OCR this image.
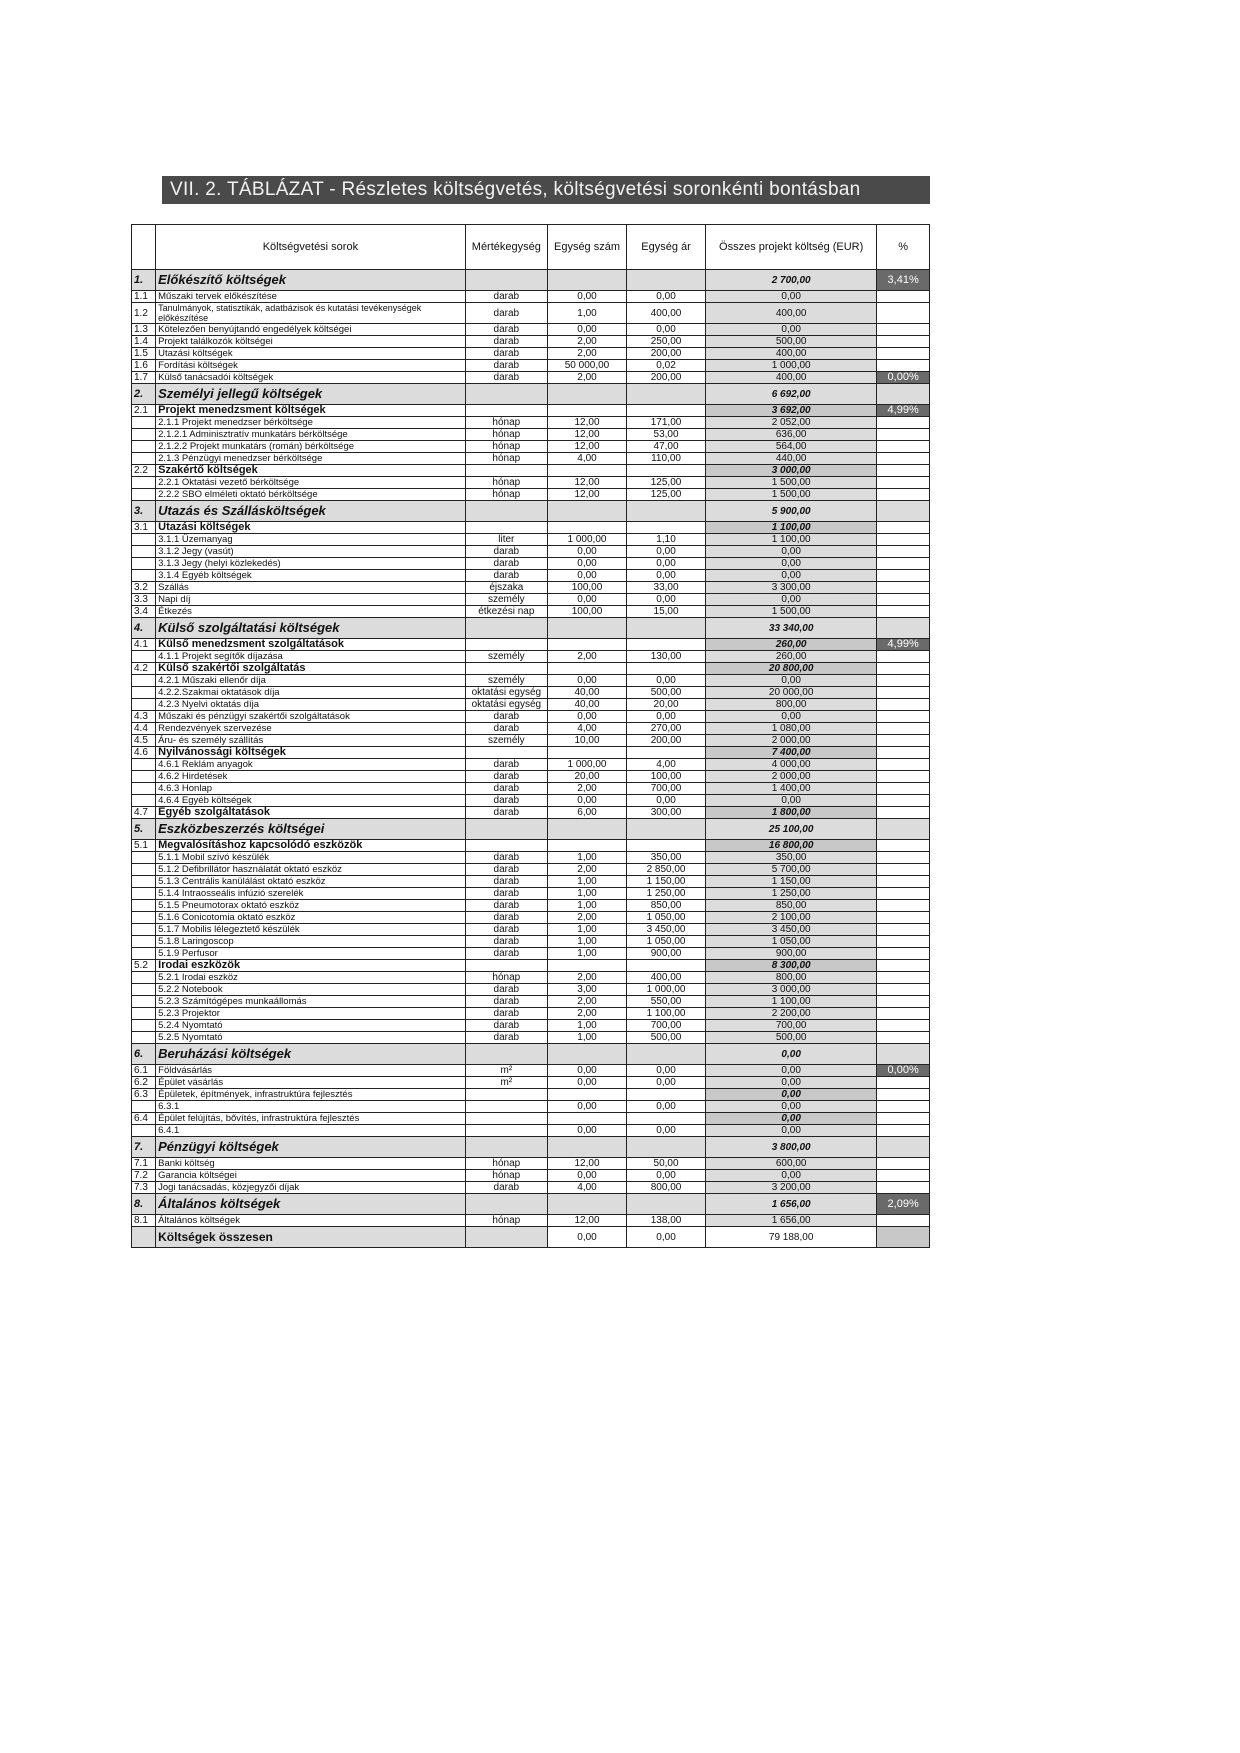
VII. 2. TÁBLÁZAT - Részletes költségvetés, költségvetési soronkénti bontásban
	Költségvetési sorok	Mértékegység	Egység szám	Egység ár	Összes projekt költség (EUR)	%
1.	Előkészítő költségek				2 700,00	3,41%
1.1	Műszaki tervek előkészítése	darab	0,00	0,00	0,00	
1.2	Tanulmányok, statisztikák, adatbázisok és kutatási tevékenységek előkészítése	darab	1,00	400,00	400,00	
1.3	Kötelezően benyújtandó engedélyek költségei	darab	0,00	0,00	0,00	
1.4	Projekt találkozók költségei	darab	2,00	250,00	500,00	
1.5	Utazási költségek	darab	2,00	200,00	400,00	
1.6	Fordítási költségek	darab	50 000,00	0,02	1 000,00	
1.7	Külső tanácsadói költségek	darab	2,00	200,00	400,00	0,00%
2.	Személyi jellegű költségek				6 692,00	
2.1	Projekt menedzsment költségek				3 692,00	4,99%
	2.1.1 Projekt menedzser bérköltsége	hónap	12,00	171,00	2 052,00	
	2.1.2.1 Adminisztratív munkatárs bérköltsége	hónap	12,00	53,00	636,00	
	2.1.2.2 Projekt munkatárs (román) bérköltsége	hónap	12,00	47,00	564,00	
	2.1.3 Pénzügyi menedzser bérköltsége	hónap	4,00	110,00	440,00	
2.2	Szakértő költségek				3 000,00	
	2.2.1 Oktatási vezető bérköltsége	hónap	12,00	125,00	1 500,00	
	2.2.2 SBO elméleti oktató bérköltsége	hónap	12,00	125,00	1 500,00	
3.	Utazás és Szállásköltségek				5 900,00	
3.1	Utazási költségek				1 100,00	
	3.1.1 Üzemanyag	liter	1 000,00	1,10	1 100,00	
	3.1.2 Jegy (vasút)	darab	0,00	0,00	0,00	
	3.1.3 Jegy (helyi közlekedés)	darab	0,00	0,00	0,00	
	3.1.4 Egyéb költségek	darab	0,00	0,00	0,00	
3.2	Szállás	éjszaka	100,00	33,00	3 300,00	
3.3	Napi díj	személy	0,00	0,00	0,00	
3.4	Étkezés	étkezési nap	100,00	15,00	1 500,00	
4.	Külső szolgáltatási költségek				33 340,00	
4.1	Külső menedzsment szolgáltatások				260,00	4,99%
	4.1.1 Projekt segítők díjazása	személy	2,00	130,00	260,00	
4.2	Külső szakértői szolgáltatás				20 800,00	
	4.2.1 Műszaki ellenőr díja	személy	0,00	0,00	0,00	
	4.2.2.Szakmai oktatások díja	oktatási egység	40,00	500,00	20 000,00	
	4.2.3 Nyelvi oktatás díja	oktatási egység	40,00	20,00	800,00	
4.3	Műszaki és pénzügyi szakértői szolgáltatások	darab	0,00	0,00	0,00	
4.4	Rendezvények szervezése	darab	4,00	270,00	1 080,00	
4.5	Áru- és személy szállítás	személy	10,00	200,00	2 000,00	
4.6	Nyilvánossági költségek				7 400,00	
	4.6.1 Reklám anyagok	darab	1 000,00	4,00	4 000,00	
	4.6.2 Hirdetések	darab	20,00	100,00	2 000,00	
	4.6.3 Honlap	darab	2,00	700,00	1 400,00	
	4.6.4 Egyéb költségek	darab	0,00	0,00	0,00	
4.7	Egyéb szolgáltatások	darab	6,00	300,00	1 800,00	
5.	Eszközbeszerzés költségei				25 100,00	
5.1	Megvalósításhoz kapcsolódó eszközök				16 800,00	
	5.1.1 Mobil szívó készülék	darab	1,00	350,00	350,00	
	5.1.2 Defibrillátor használatát oktató eszköz	darab	2,00	2 850,00	5 700,00	
	5.1.3 Centrális kanülálást oktató eszköz	darab	1,00	1 150,00	1 150,00	
	5.1.4 Intraosseális infúzió szerelék	darab	1,00	1 250,00	1 250,00	
	5.1.5 Pneumotorax oktató eszköz	darab	1,00	850,00	850,00	
	5.1.6 Conicotomia oktató eszköz	darab	2,00	1 050,00	2 100,00	
	5.1.7 Mobilis lélegeztető készülék	darab	1,00	3 450,00	3 450,00	
	5.1.8 Laringoscop	darab	1,00	1 050,00	1 050,00	
	5.1.9 Perfusor	darab	1,00	900,00	900,00	
5.2	Irodai eszközök				8 300,00	
	5.2.1 Irodai eszköz	hónap	2,00	400,00	800,00	
	5.2.2 Notebook	darab	3,00	1 000,00	3 000,00	
	5.2.3 Számítógépes munkaállomás	darab	2,00	550,00	1 100,00	
	5.2.3 Projektor	darab	2,00	1 100,00	2 200,00	
	5.2.4 Nyomtató	darab	1,00	700,00	700,00	
	5.2.5 Nyomtató	darab	1,00	500,00	500,00	
6.	Beruházási költségek				0,00	
6.1	Földvásárlás	m²	0,00	0,00	0,00	0,00%
6.2	Épület vásárlás	m²	0,00	0,00	0,00	
6.3	Épületek, építmények, infrastruktúra fejlesztés				0,00	
	6.3.1		0,00	0,00	0,00	
6.4	Épület felújítás, bővítés, infrastruktúra fejlesztés				0,00	
	6.4.1		0,00	0,00	0,00	
7.	Pénzügyi költségek				3 800,00	
7.1	Banki költség	hónap	12,00	50,00	600,00	
7.2	Garancia költségei	hónap	0,00	0,00	0,00	
7.3	Jogi tanácsadás, közjegyzői díjak	darab	4,00	800,00	3 200,00	
8.	Általános költségek				1 656,00	2,09%
8.1	Általános költségek	hónap	12,00	138,00	1 656,00	
	Költségek összesen		0,00	0,00	79 188,00	
